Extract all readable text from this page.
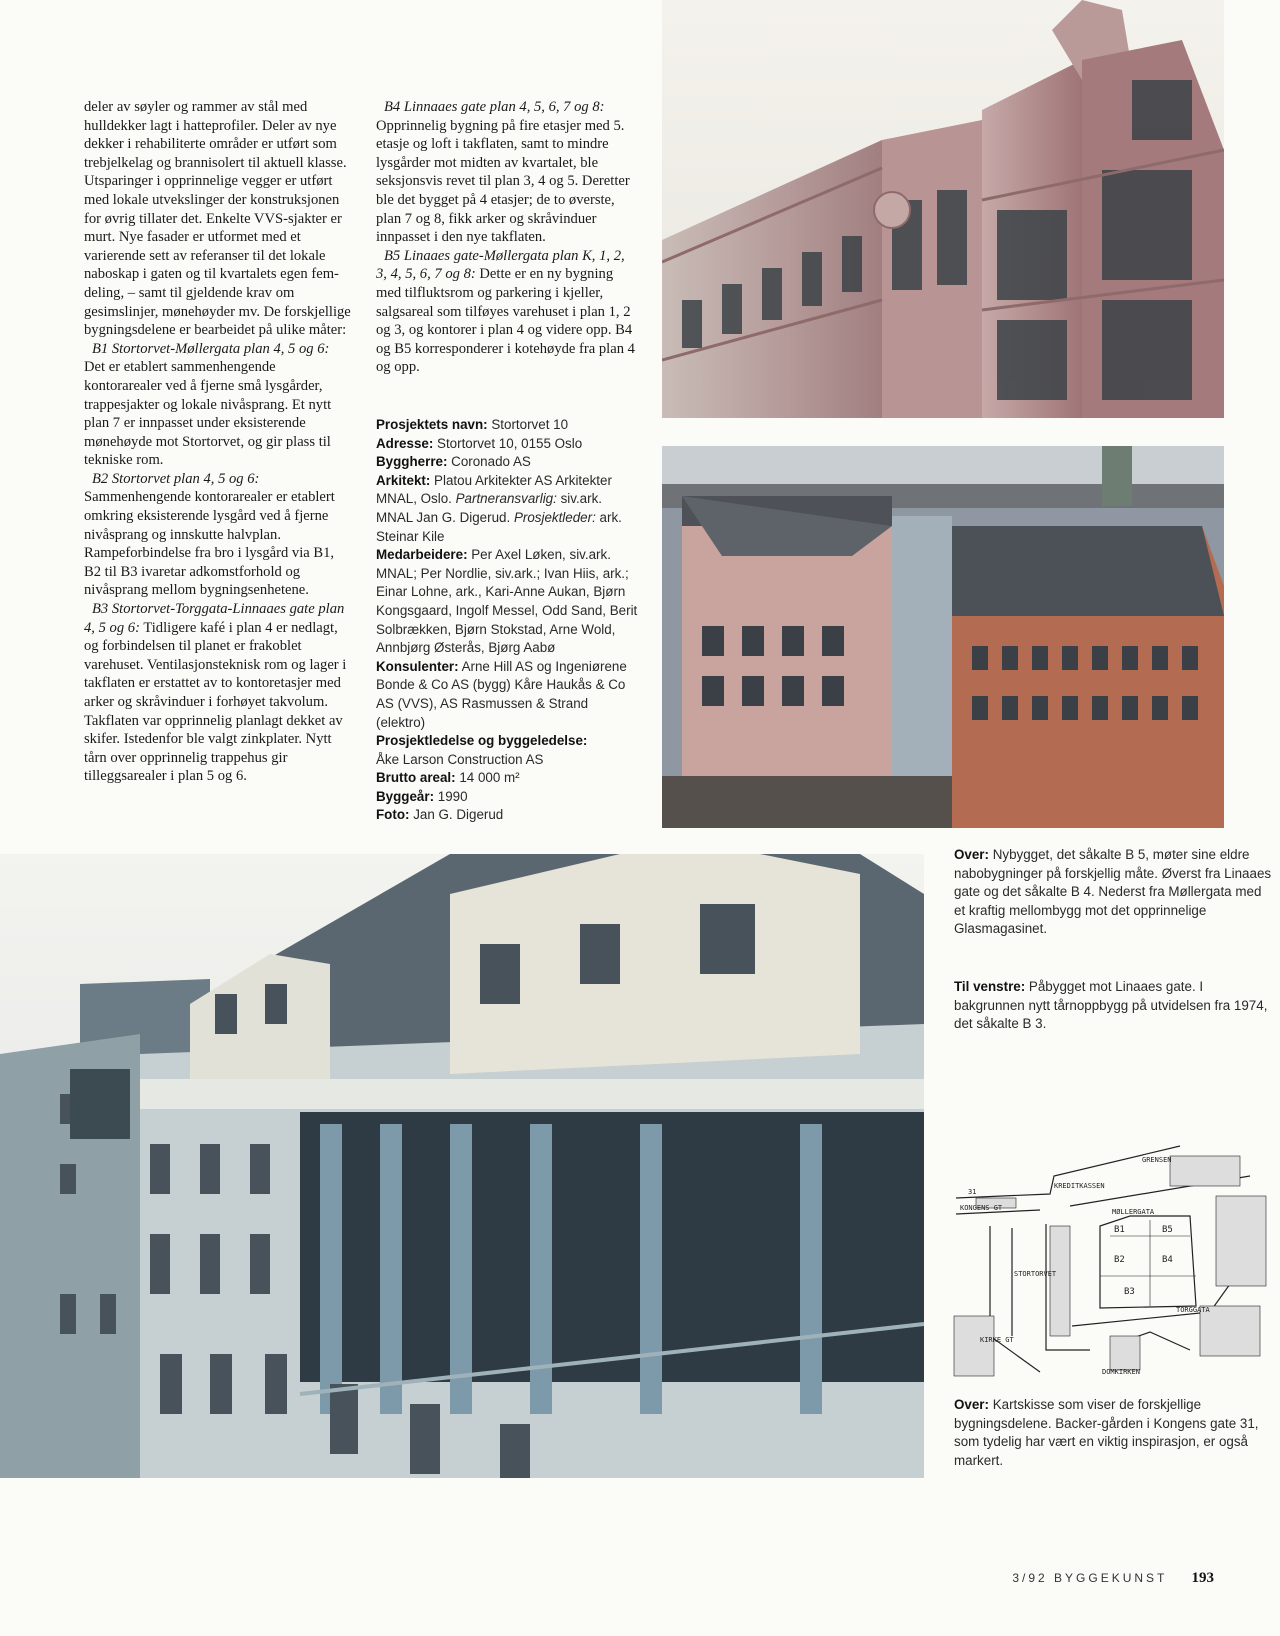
deler av søyler og rammer av stål med hulldekker lagt i hatteprofiler. Deler av nye dekker i rehabiliterte områder er utført som trebjelkelag og brannisolert til aktuell klasse. Utsparinger i opprinnelige vegger er utført med lokale utvekslinger der konstruksjonen for øvrig tillater det. Enkelte VVS-sjakter er murt. Nye fasader er utformet med et varierende sett av referanser til det lokale naboskap i gaten og til kvartalets egen fem-deling, – samt til gjeldende krav om gesimslinjer, mønehøyder mv. De forskjellige bygningsdelene er bearbeidet på ulike måter:

B1 Stortorvet-Møllergata plan 4, 5 og 6: Det er etablert sammenhengende kontorarealer ved å fjerne små lysgårder, trappesjakter og lokale nivåsprang. Et nytt plan 7 er innpasset under eksisterende mønehøyde mot Stortorvet, og gir plass til tekniske rom.

B2 Stortorvet plan 4, 5 og 6: Sammenhengende kontorarealer er etablert omkring eksisterende lysgård ved å fjerne nivåsprang og innskutte halvplan. Rampeforbindelse fra bro i lysgård via B1, B2 til B3 ivaretar adkomstforhold og nivåsprang mellom bygningsenhetene.

B3 Stortorvet-Torggata-Linnaaes gate plan 4, 5 og 6: Tidligere kafé i plan 4 er nedlagt, og forbindelsen til planet er frakoblet varehuset. Ventilasjonsteknisk rom og lager i takflaten er erstattet av to kontoretasjer med arker og skråvinduer i forhøyet takvolum. Takflaten var opprinnelig planlagt dekket av skifer. Istedenfor ble valgt zinkplater. Nytt tårn over opprinnelig trappehus gir tilleggsarealer i plan 5 og 6.

B4 Linnaaes gate plan 4, 5, 6, 7 og 8: Opprinnelig bygning på fire etasjer med 5. etasje og loft i takflaten, samt to mindre lysgårder mot midten av kvartalet, ble seksjonsvis revet til plan 3, 4 og 5. Deretter ble det bygget på 4 etasjer; de to øverste, plan 7 og 8, fikk arker og skråvinduer innpasset i den nye takflaten.

B5 Linaaes gate-Møllergata plan K, 1, 2, 3, 4, 5, 6, 7 og 8: Dette er en ny bygning med tilfluktsrom og parkering i kjeller, salgsareal som tilføyes varehuset i plan 1, 2 og 3, og kontorer i plan 4 og videre opp. B4 og B5 korresponderer i kotehøyde fra plan 4 og opp.

Prosjektets navn: Stortorvet 10

Adresse: Stortorvet 10, 0155 Oslo

Byggherre: Coronado AS

Arkitekt: Platou Arkitekter AS Arkitekter MNAL, Oslo. Partneransvarlig: siv.ark. MNAL Jan G. Digerud. Prosjektleder: ark. Steinar Kile

Medarbeidere: Per Axel Løken, siv.ark. MNAL; Per Nordlie, siv.ark.; Ivan Hiis, ark.; Einar Lohne, ark., Kari-Anne Aukan, Bjørn Kongsgaard, Ingolf Messel, Odd Sand, Berit Solbrække​n, Bjørn Stokstad, Arne Wold, Annbjørg Østerås, Bjørg Aabø

Konsulenter: Arne Hill AS og Ingeniørene Bonde & Co AS (bygg) Kåre Haukås & Co AS (VVS), AS Rasmussen & Strand (elektro)

Prosjektledelse og byggeledelse:
Åke Larson Construction AS

Brutto areal: 14 000 m²

Byggeår: 1990

Foto: Jan G. Digerud

Over: Nybygget, det såkalte B 5, møter sine eldre nabobygninger på forskjellig måte. Øverst fra Linaaes gate og det såkalte B 4. Nederst fra Møllergata med et kraftig mellombygg mot det opprinnelige Glasmagasinet.
Til venstre: Påbygget mot Linaaes gate. I bakgrunnen nytt tårnoppbygg på utvidelsen fra 1974, det såkalte B 3.
31
KONGENS GT
KREDITKASSEN
GRENSEN
MØLLERGATA
STORTORVET
KIRKE GT
TORGGATA
DOMKIRKEN
B1	B5
B2	B4
B3
Over: Kartskisse som viser de forskjellige bygningsdelene. Backer-gården i Kongens gate 31, som tydelig har vært en viktig inspirasjon, er også markert.
3/92 BYGGEKUNST 193
